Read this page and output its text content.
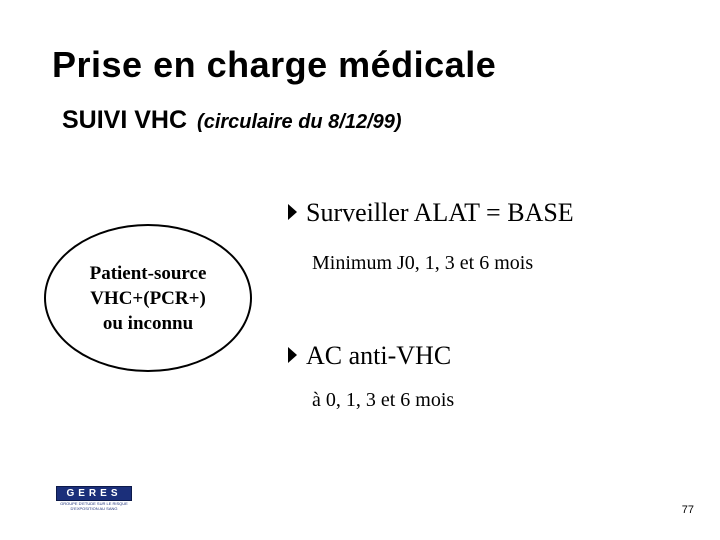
Prise en charge médicale
SUIVI VHC (circulaire du 8/12/99)
Patient-source
VHC+(PCR+)
ou inconnu
Surveiller ALAT = BASE
Minimum J0, 1, 3 et 6 mois
AC anti-VHC
à 0, 1, 3 et 6 mois
GERES
GROUPE D'ETUDE SUR LE RISQUE
D'EXPOSITION AU SANG	77
